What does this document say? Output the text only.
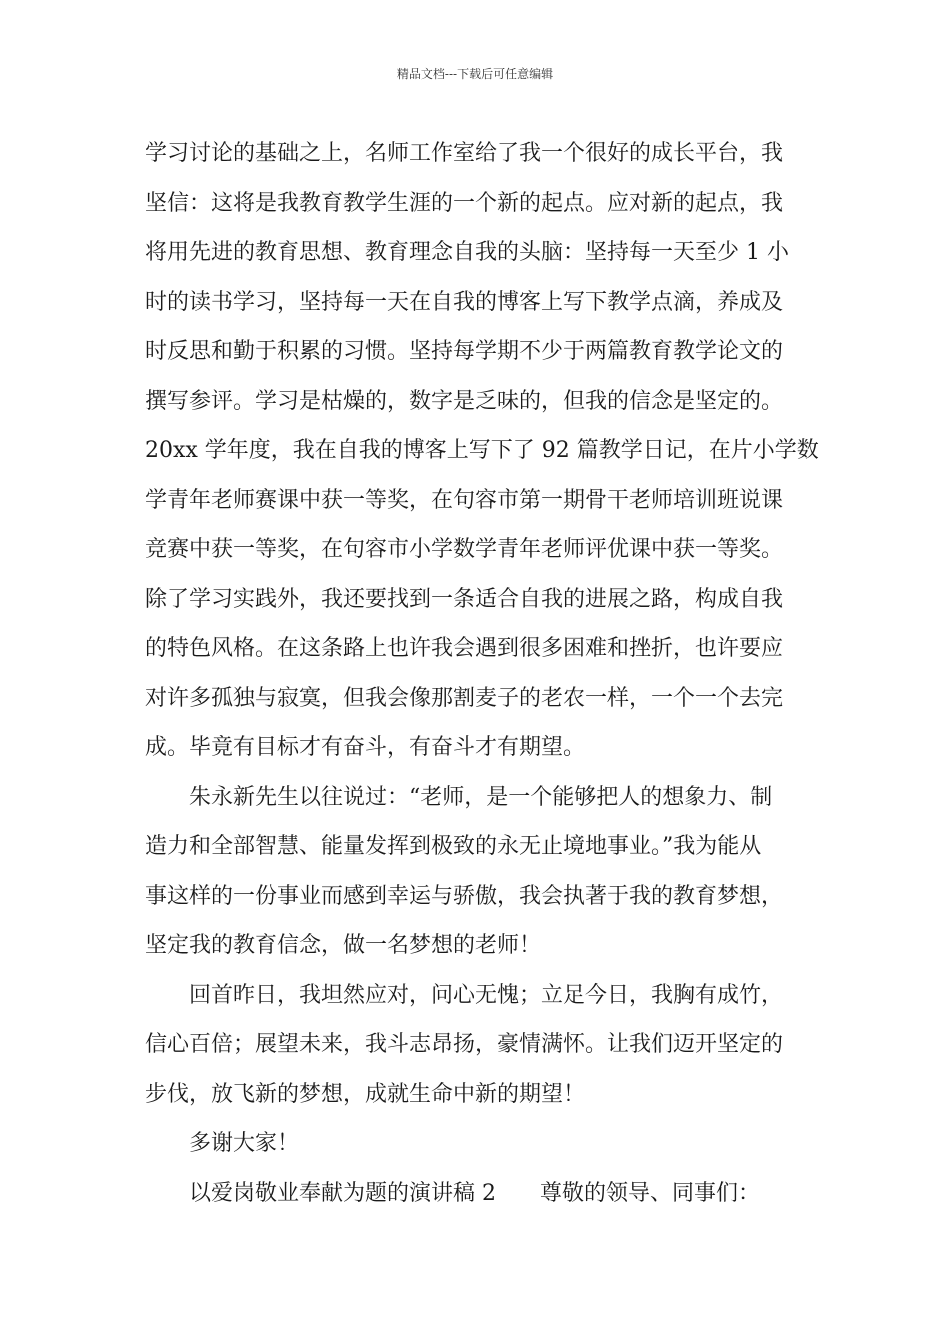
精品文档---下载后可任意编辑

学习讨论的基础之上，名师工作室给了我一个很好的成长平台，我
坚信：这将是我教育教学生涯的一个新的起点。应对新的起点，我
将用先进的教育思想、教育理念自我的头脑：坚持每一天至少 1 小
时的读书学习，坚持每一天在自我的博客上写下教学点滴，养成及
时反思和勤于积累的习惯。坚持每学期不少于两篇教育教学论文的
撰写参评。学习是枯燥的，数字是乏味的，但我的信念是坚定的。
20xx 学年度，我在自我的博客上写下了 92 篇教学日记，在片小学数
学青年老师赛课中获一等奖，在句容市第一期骨干老师培训班说课
竞赛中获一等奖，在句容市小学数学青年老师评优课中获一等奖。
除了学习实践外，我还要找到一条适合自我的进展之路，构成自我
的特色风格。在这条路上也许我会遇到很多困难和挫折，也许要应
对许多孤独与寂寞，但我会像那割麦子的老农一样，一个一个去完
成。毕竟有目标才有奋斗，有奋斗才有期望。

朱永新先生以往说过：“老师，是一个能够把人的想象力、制
造力和全部智慧、能量发挥到极致的永无止境地事业。”我为能从
事这样的一份事业而感到幸运与骄傲，我会执著于我的教育梦想，
坚定我的教育信念，做一名梦想的老师！

回首昨日，我坦然应对，问心无愧；立足今日，我胸有成竹，
信心百倍；展望未来，我斗志昂扬，豪情满怀。让我们迈开坚定的
步伐，放飞新的梦想，成就生命中新的期望！

多谢大家！

以爱岗敬业奉献为题的演讲稿 2 尊敬的领导、同事们：
